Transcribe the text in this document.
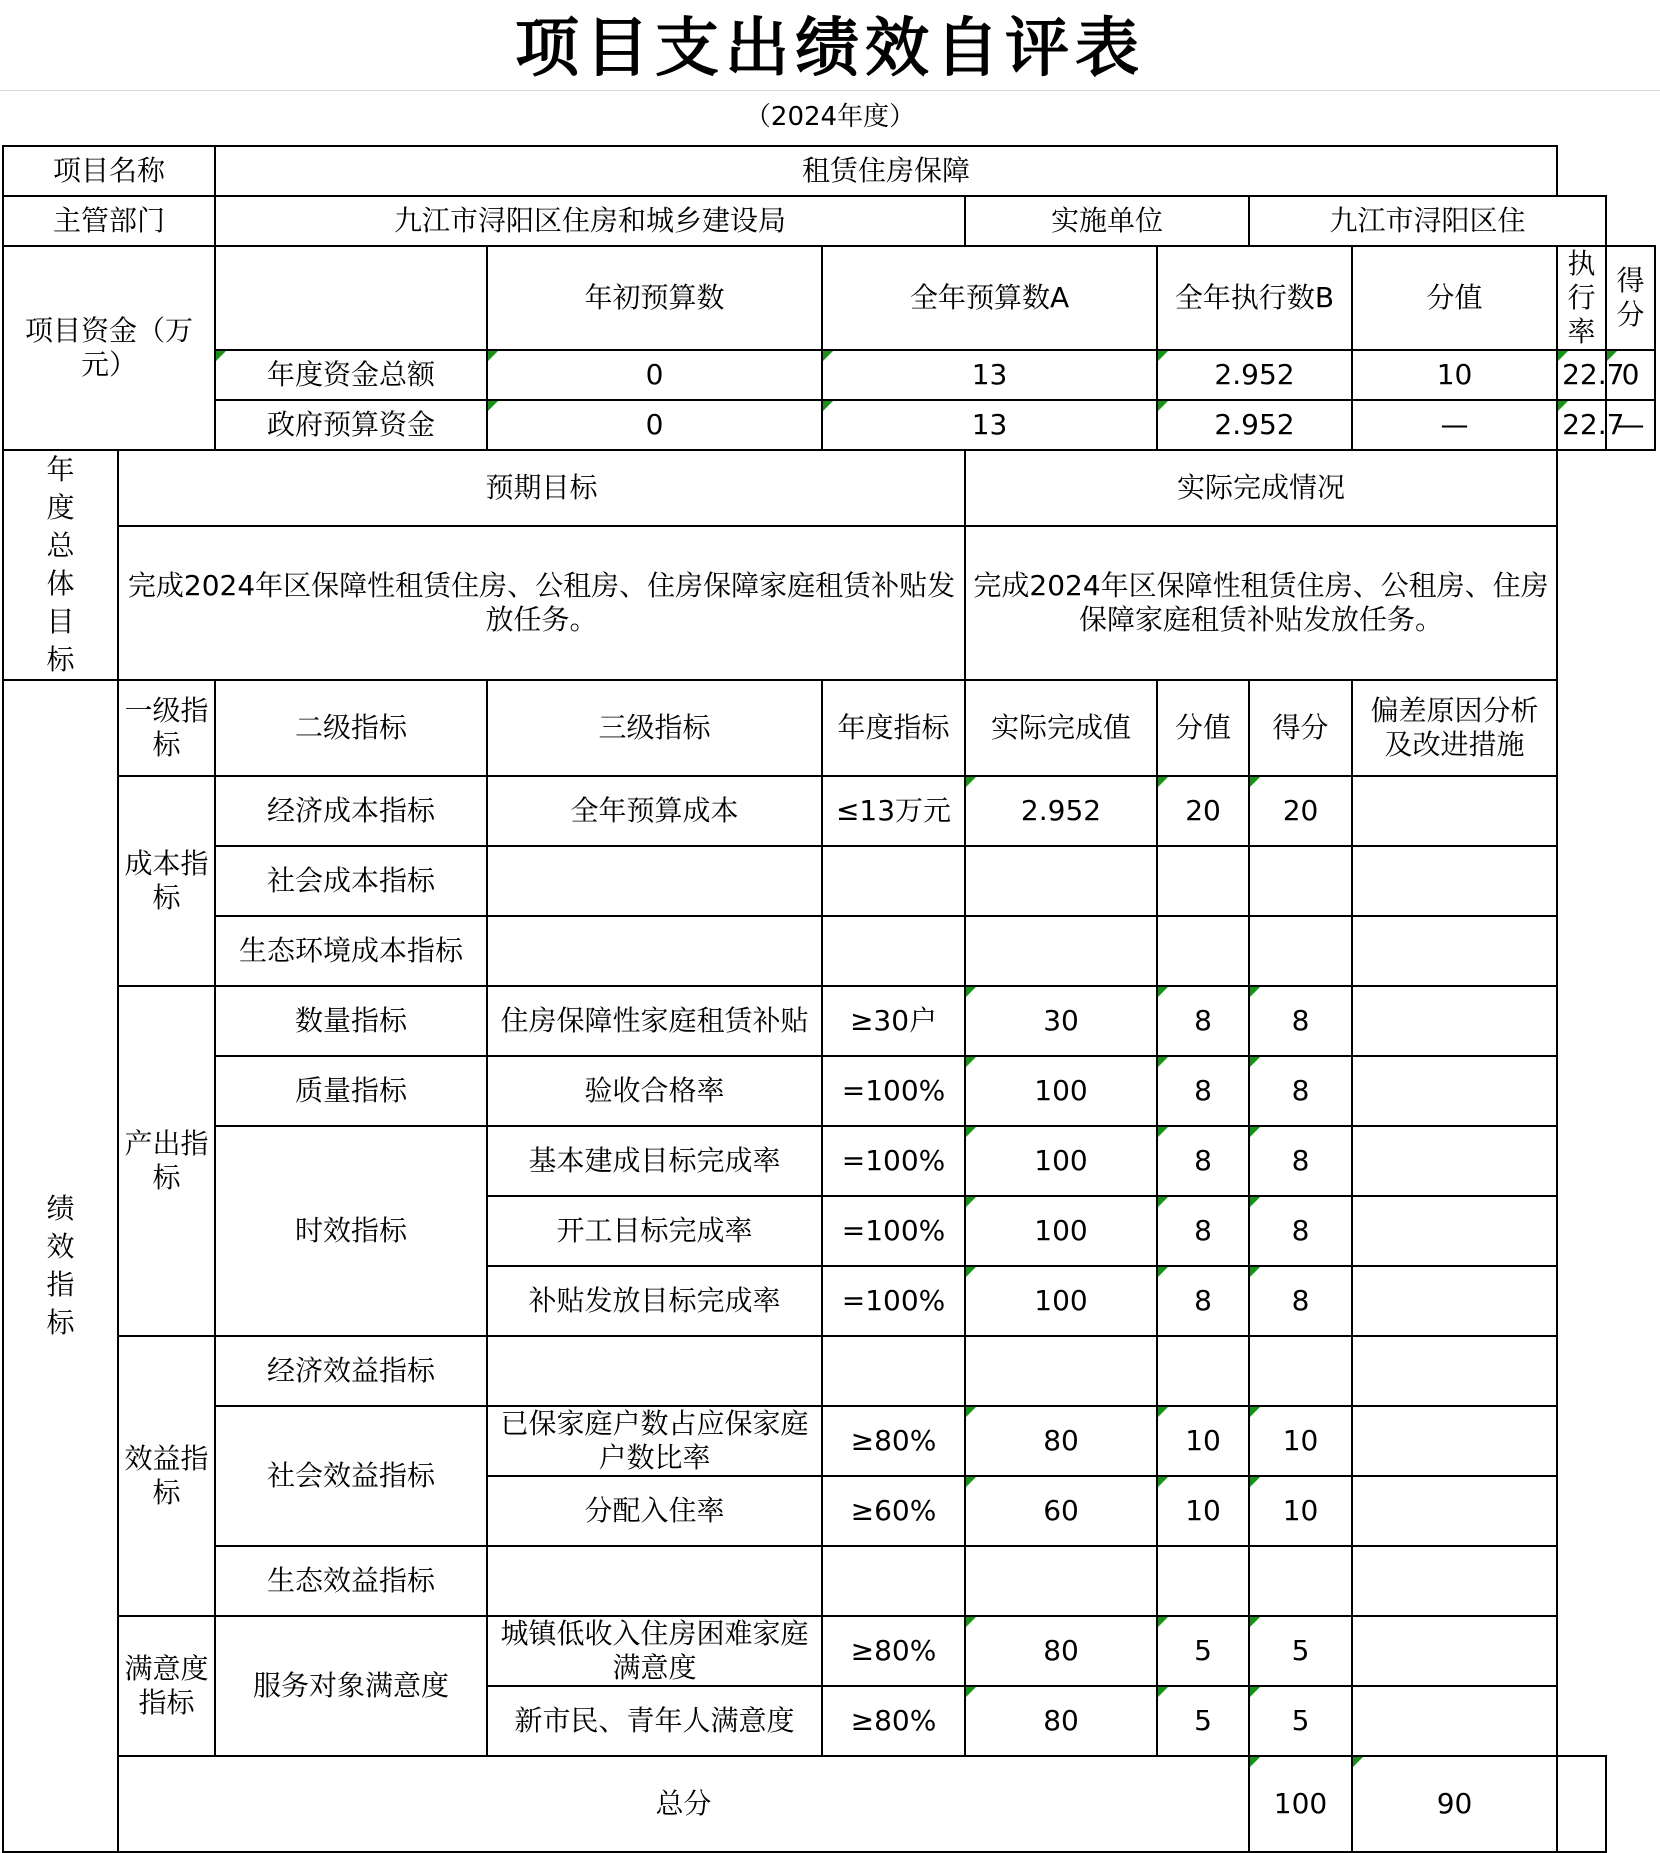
项目支出绩效自评表
（2024年度）
项目名称		租赁住房保障								
主管部门		九江市浔阳区住房和城乡建设局			实施单位		九江市浔阳区住			
项目资金（万元）			年初预算数	全年预算数A		全年执行数B		分值	执行率	得分
		年度资金总额	0	13		2.952		10	22.7	0
		政府预算资金	0	13		2.952		—	22.7	—
年度总体目标	预期目标				实际完成情况					

	完成2024年区保障性租赁住房、公租房、住房保障家庭租赁补贴发放任务。				完成2024年区保障性租赁住房、公租房、住房保障家庭租赁补贴发放任务。					

绩效指标	一级指标	二级指标	三级指标	年度指标	实际完成值	分值	得分	偏差原因分析及改进措施		
	成本指标	经济成本指标	全年预算成本	≤13万元	2.952	20	20			
		社会成本指标								
		生态环境成本指标								
	产出指标	数量指标	住房保障性家庭租赁补贴	≥30户	30	8	8			
		质量指标	验收合格率	=100%	100	8	8			
		时效指标	基本建成目标完成率	=100%	100	8	8			
			开工目标完成率	=100%	100	8	8			
			补贴发放目标完成率	=100%	100	8	8			
	效益指标	经济效益指标								
		社会效益指标	已保家庭户数占应保家庭户数比率	≥80%	80	10	10			
			分配入住率	≥60%	60	10	10			
		生态效益指标								
	满意度指标	服务对象满意度	城镇低收入住房困难家庭满意度	≥80%	80	5	5			
			新市民、青年人满意度	≥80%	80	5	5			
	总分						100	90		
